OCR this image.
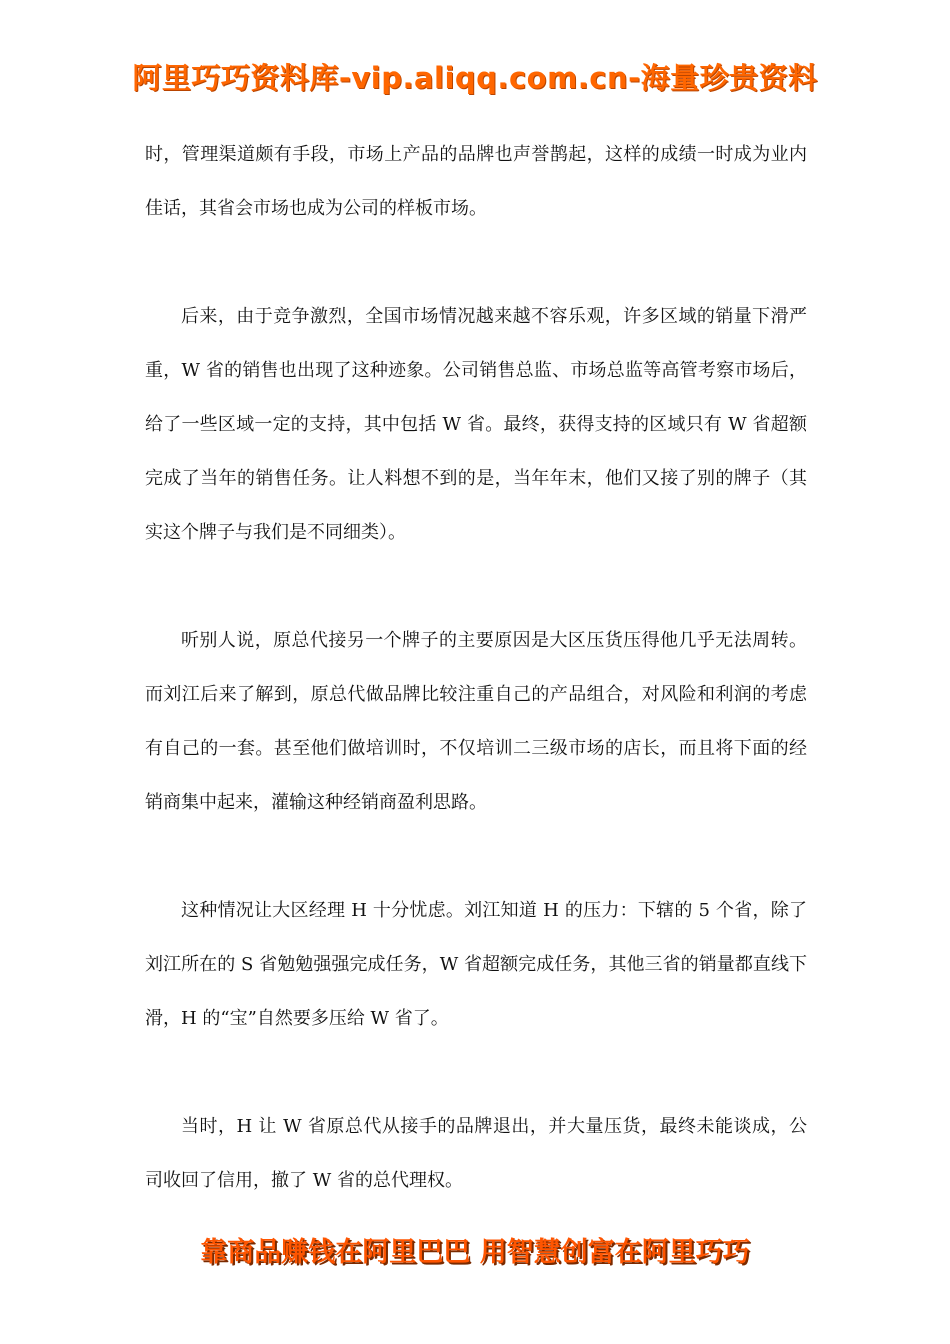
阿里巧巧资料库-vip.aliqq.com.cn-海量珍贵资料

时，管理渠道颇有手段，市场上产品的品牌也声誉鹊起，这样的成绩一时成为业内佳话，其省会市场也成为公司的样板市场。

后来，由于竞争激烈，全国市场情况越来越不容乐观，许多区域的销量下滑严重，W 省的销售也出现了这种迹象。公司销售总监、市场总监等高管考察市场后，给了一些区域一定的支持，其中包括 W 省。最终，获得支持的区域只有 W 省超额完成了当年的销售任务。让人料想不到的是，当年年末，他们又接了别的牌子（其实这个牌子与我们是不同细类）。

听别人说，原总代接另一个牌子的主要原因是大区压货压得他几乎无法周转。而刘江后来了解到，原总代做品牌比较注重自己的产品组合，对风险和利润的考虑有自己的一套。甚至他们做培训时，不仅培训二三级市场的店长，而且将下面的经销商集中起来，灌输这种经销商盈利思路。

这种情况让大区经理 H 十分忧虑。刘江知道 H 的压力：下辖的 5 个省，除了刘江所在的 S 省勉勉强强完成任务，W 省超额完成任务，其他三省的销量都直线下滑，H 的“宝”自然要多压给 W 省了。

当时，H 让 W 省原总代从接手的品牌退出，并大量压货，最终未能谈成，公司收回了信用，撤了 W 省的总代理权。

靠商品赚钱在阿里巴巴 用智慧创富在阿里巧巧
